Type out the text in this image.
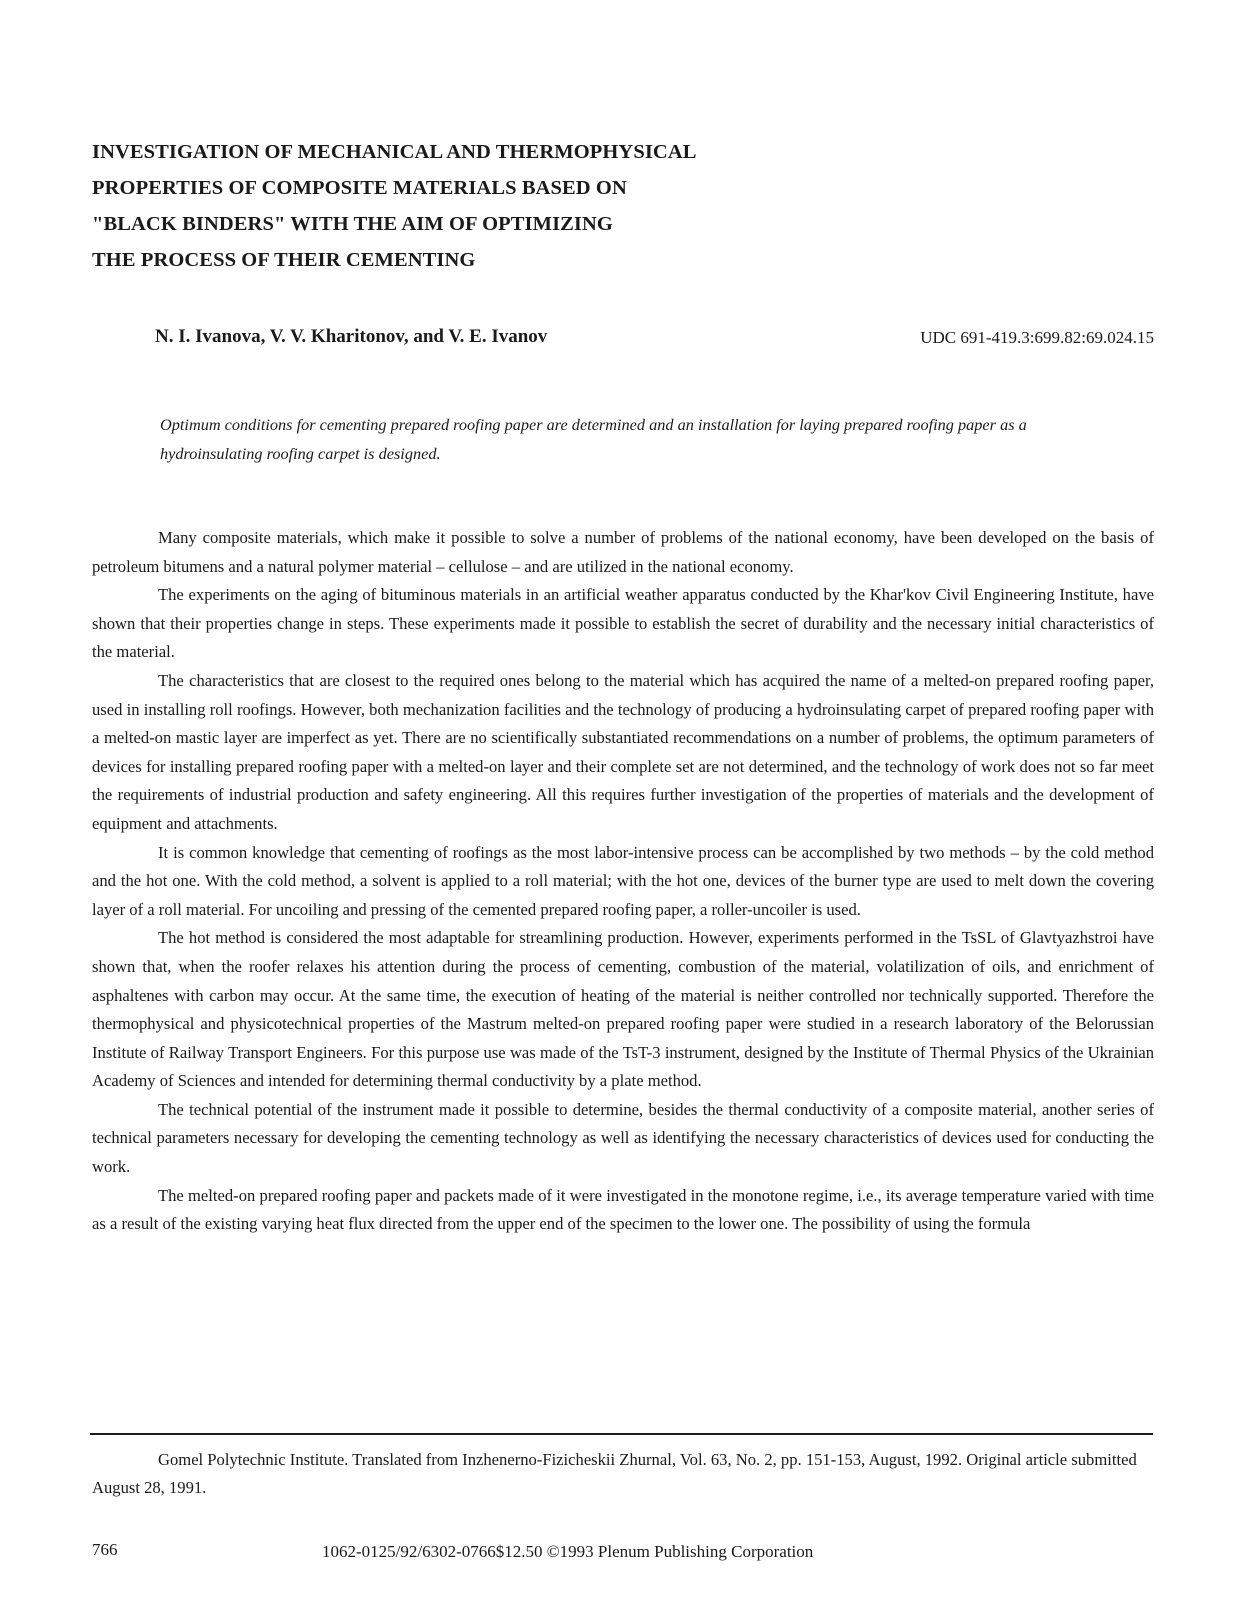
INVESTIGATION OF MECHANICAL AND THERMOPHYSICAL
PROPERTIES OF COMPOSITE MATERIALS BASED ON
"BLACK BINDERS" WITH THE AIM OF OPTIMIZING
THE PROCESS OF THEIR CEMENTING
N. I. Ivanova, V. V. Kharitonov, and V. E. Ivanov	UDC 691-419.3:699.82:69.024.15

Optimum conditions for cementing prepared roofing paper are determined and an installation for laying prepared roofing paper as a hydroinsulating roofing carpet is designed.

Many composite materials, which make it possible to solve a number of problems of the national economy, have been developed on the basis of petroleum bitumens and a natural polymer material – cellulose – and are utilized in the national economy.

The experiments on the aging of bituminous materials in an artificial weather apparatus conducted by the Khar'kov Civil Engineering Institute, have shown that their properties change in steps. These experiments made it possible to establish the secret of durability and the necessary initial characteristics of the material.

The characteristics that are closest to the required ones belong to the material which has acquired the name of a melted-on prepared roofing paper, used in installing roll roofings. However, both mechanization facilities and the technology of producing a hydroinsulating carpet of prepared roofing paper with a melted-on mastic layer are imperfect as yet. There are no scientifically substantiated recommendations on a number of problems, the optimum parameters of devices for installing prepared roofing paper with a melted-on layer and their complete set are not determined, and the technology of work does not so far meet the requirements of industrial production and safety engineering. All this requires further investigation of the properties of materials and the development of equipment and attachments.

It is common knowledge that cementing of roofings as the most labor-intensive process can be accomplished by two methods – by the cold method and the hot one. With the cold method, a solvent is applied to a roll material; with the hot one, devices of the burner type are used to melt down the covering layer of a roll material. For uncoiling and pressing of the cemented prepared roofing paper, a roller-uncoiler is used.

The hot method is considered the most adaptable for streamlining production. However, experiments performed in the TsSL of Glavtyazhstroi have shown that, when the roofer relaxes his attention during the process of cementing, combustion of the material, volatilization of oils, and enrichment of asphaltenes with carbon may occur. At the same time, the execution of heating of the material is neither controlled nor technically supported. Therefore the thermophysical and physicotechnical properties of the Mastrum melted-on prepared roofing paper were studied in a research laboratory of the Belorussian Institute of Railway Transport Engineers. For this purpose use was made of the TsT-3 instrument, designed by the Institute of Thermal Physics of the Ukrainian Academy of Sciences and intended for determining thermal conductivity by a plate method.

The technical potential of the instrument made it possible to determine, besides the thermal conductivity of a composite material, another series of technical parameters necessary for developing the cementing technology as well as identifying the necessary characteristics of devices used for conducting the work.

The melted-on prepared roofing paper and packets made of it were investigated in the monotone regime, i.e., its average temperature varied with time as a result of the existing varying heat flux directed from the upper end of the specimen to the lower one. The possibility of using the formula

Gomel Polytechnic Institute. Translated from Inzhenerno-Fizicheskii Zhurnal, Vol. 63, No. 2, pp. 151-153, August, 1992. Original article submitted August 28, 1991.

766	1062-0125/92/6302-0766$12.50 ©1993 Plenum Publishing Corporation
